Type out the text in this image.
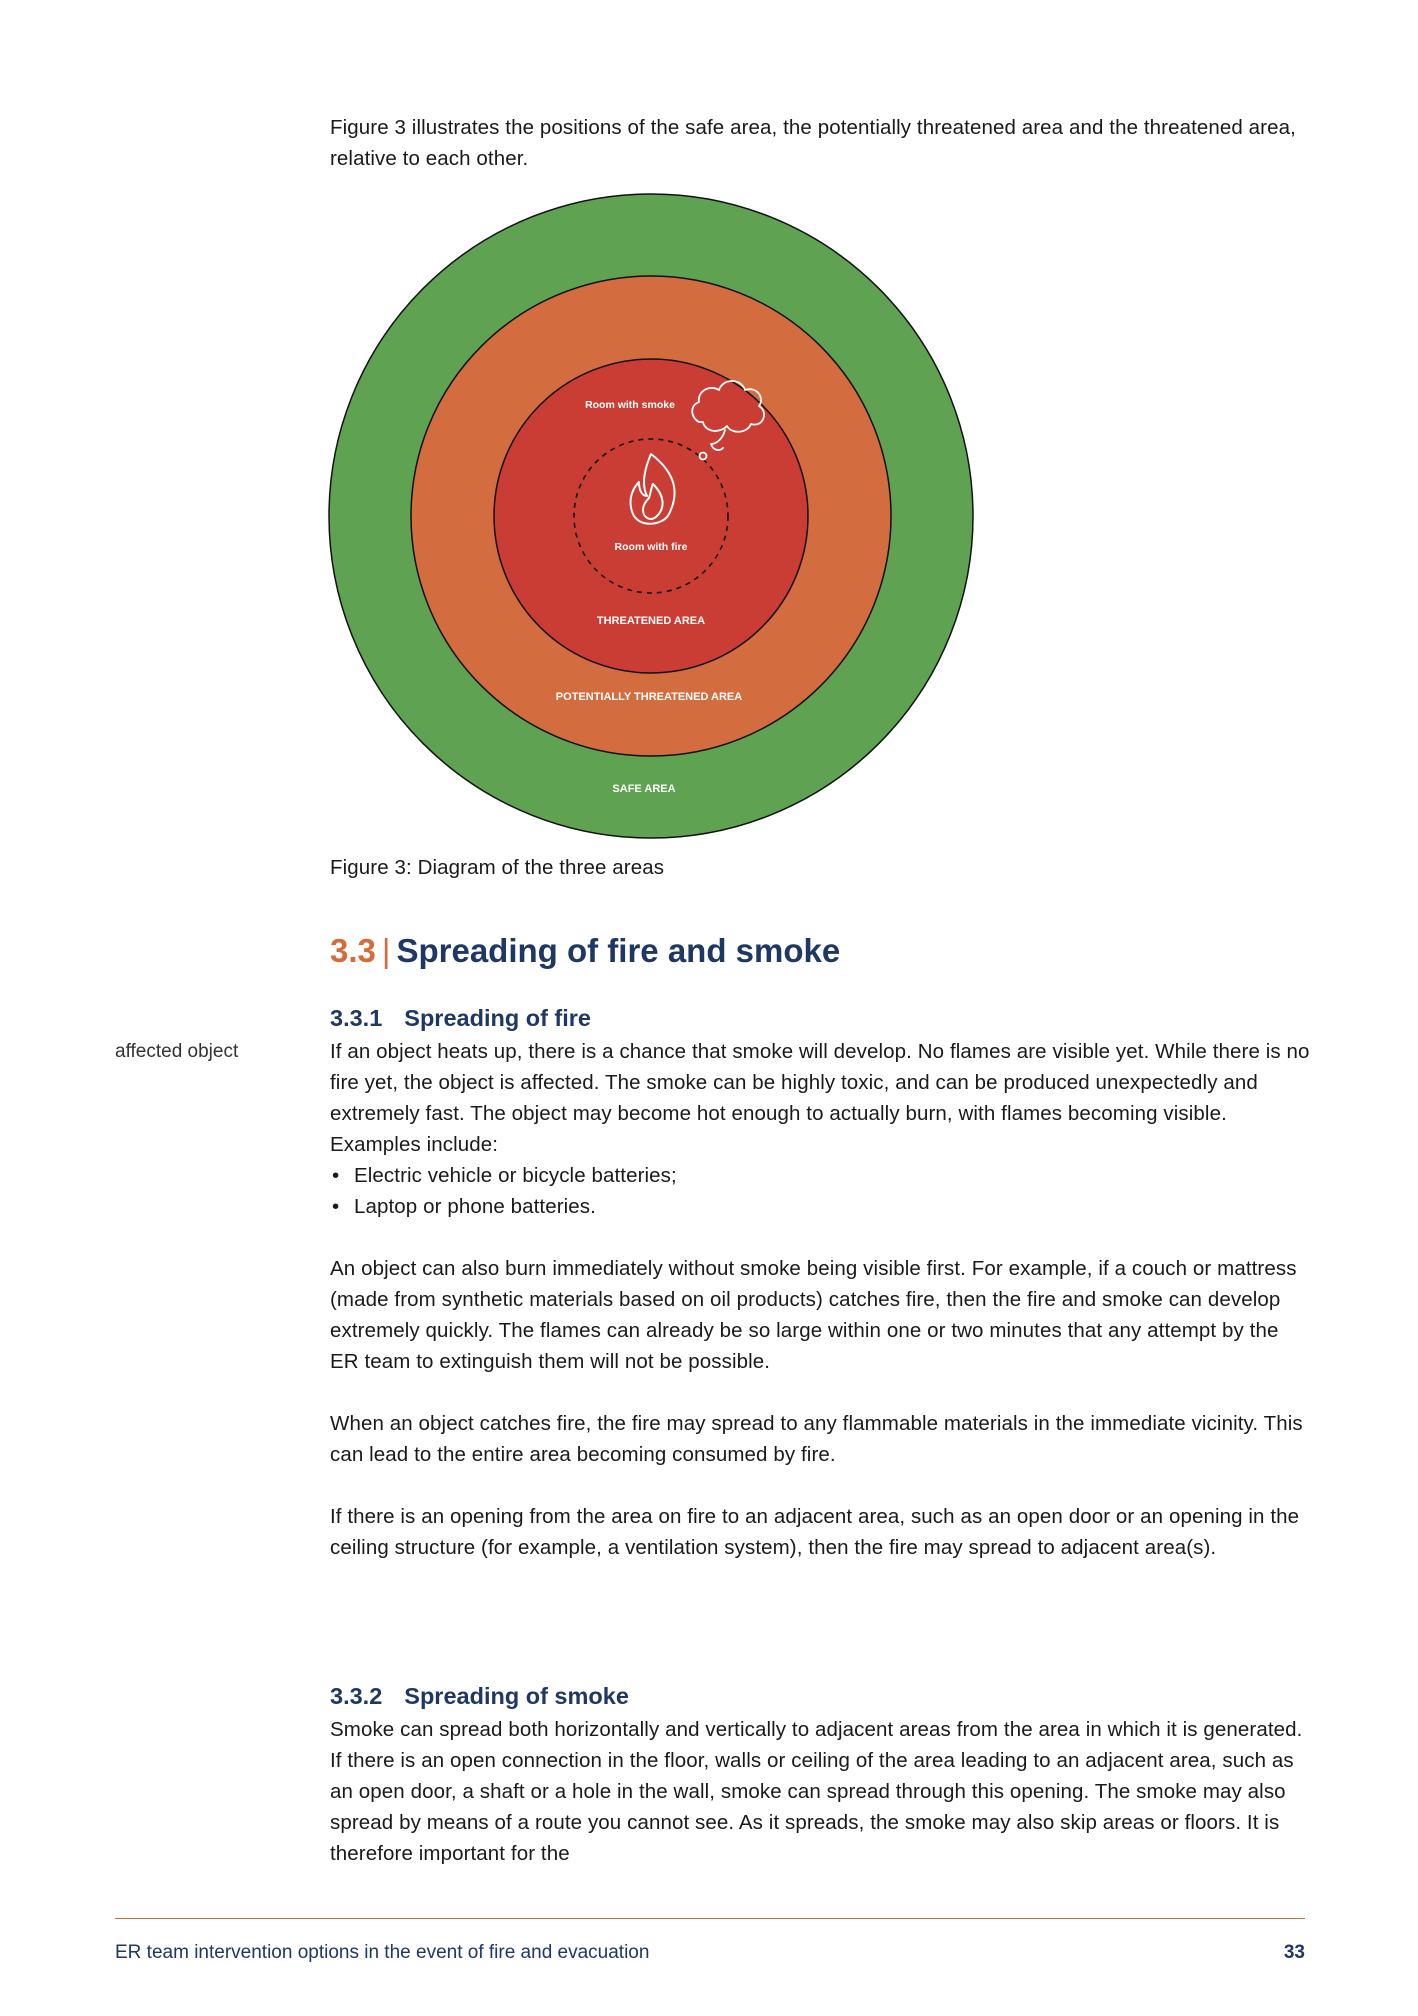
Figure 3 illustrates the positions of the safe area, the potentially threatened area and the threatened area, relative to each other.

Room with smoke
Room with fire
THREATENED AREA
POTENTIALLY THREATENED AREA
SAFE AREA

Figure 3: Diagram of the three areas

3.3 | Spreading of fire and smoke
3.3.1 Spreading of fire
affected object	If an object heats up, there is a chance that smoke will develop. No flames are visible yet. While there is no fire yet, the object is affected. The smoke can be highly toxic, and can be produced unexpectedly and extremely fast. The object may become hot enough to actually burn, with flames becoming visible.

Examples include:

• Electric vehicle or bicycle batteries;
• Laptop or phone batteries.

An object can also burn immediately without smoke being visible first. For example, if a couch or mattress (made from synthetic materials based on oil products) catches fire, then the fire and smoke can develop extremely quickly. The flames can already be so large within one or two minutes that any attempt by the ER team to extinguish them will not be possible.

When an object catches fire, the fire may spread to any flammable materials in the immediate vicinity. This can lead to the entire area becoming consumed by fire.

If there is an opening from the area on fire to an adjacent area, such as an open door or an opening in the ceiling structure (for example, a ventilation system), then the fire may spread to adjacent area(s).

3.3.2 Spreading of smoke

Smoke can spread both horizontally and vertically to adjacent areas from the area in which it is generated. If there is an open connection in the floor, walls or ceiling of the area leading to an adjacent area, such as an open door, a shaft or a hole in the wall, smoke can spread through this opening. The smoke may also spread by means of a route you cannot see. As it spreads, the smoke may also skip areas or floors. It is therefore important for the

ER team intervention options in the event of fire and evacuation	33
